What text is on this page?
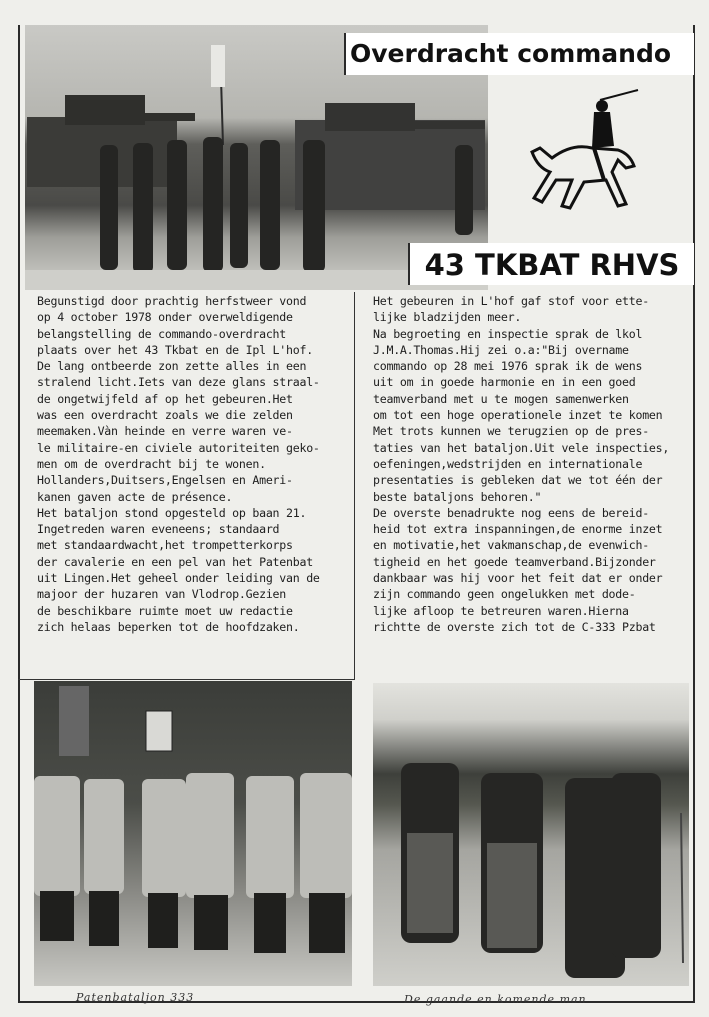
Overdracht commando
43 TKBAT RHVS
Begunstigd door prachtig herfstweer vond
op 4 october 1978 onder overweldigende
belangstelling de commando-overdracht
plaats over het 43 Tkbat en de Ipl L'hof.
De lang ontbeerde zon zette alles in een
stralend licht.Iets van deze glans straal-
de ongetwijfeld af op het gebeuren.Het
was een overdracht zoals we die zelden
meemaken.Vàn heinde en verre waren ve-
le militaire-en civiele autoriteiten geko-
men om de overdracht bij te wonen.
Hollanders,Duitsers,Engelsen en Ameri-
kanen gaven acte de présence.
Het bataljon stond opgesteld op baan 21.
Ingetreden waren eveneens; standaard
met standaardwacht,het trompetterkorps
der cavalerie en een pel van het Patenbat
uit Lingen.Het geheel onder leiding van de
majoor der huzaren van Vlodrop.Gezien
de beschikbare ruimte moet uw redactie
zich helaas beperken tot de hoofdzaken.
Het gebeuren in L'hof gaf stof voor ette-
lijke bladzijden meer.
Na begroeting en inspectie sprak de lkol
J.M.A.Thomas.Hij zei o.a:"Bij overname
commando op 28 mei 1976 sprak ik de wens
uit om in goede harmonie en in een goed
teamverband met u te mogen samenwerken
om tot een hoge operationele inzet te komen
Met trots kunnen we terugzien op de pres-
taties van het bataljon.Uit vele inspecties,
oefeningen,wedstrijden en internationale
presentaties is gebleken dat we tot één der
beste bataljons behoren."
De overste benadrukte nog eens de bereid-
heid tot extra inspanningen,de enorme inzet
en motivatie,het vakmanschap,de evenwich-
tigheid en het goede teamverband.Bijzonder
dankbaar was hij voor het feit dat er onder
zijn commando geen ongelukken met dode-
lijke afloop te betreuren waren.Hierna
richtte de overste zich tot de C-333 Pzbat
Patenbataljon 333	De gaande en komende man
